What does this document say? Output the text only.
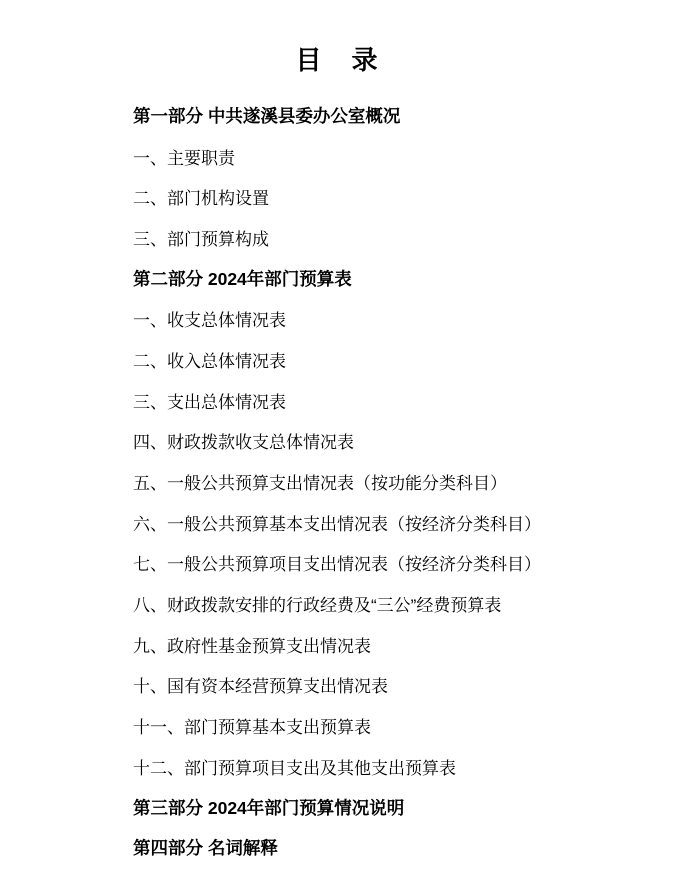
目　录
第一部分 中共遂溪县委办公室概况
一、主要职责
二、部门机构设置
三、部门预算构成
第二部分 2024年部门预算表
一、收支总体情况表
二、收入总体情况表
三、支出总体情况表
四、财政拨款收支总体情况表
五、一般公共预算支出情况表（按功能分类科目）
六、一般公共预算基本支出情况表（按经济分类科目）
七、一般公共预算项目支出情况表（按经济分类科目）
八、财政拨款安排的行政经费及“三公”经费预算表
九、政府性基金预算支出情况表
十、国有资本经营预算支出情况表
十一、部门预算基本支出预算表
十二、部门预算项目支出及其他支出预算表
第三部分 2024年部门预算情况说明
第四部分 名词解释
